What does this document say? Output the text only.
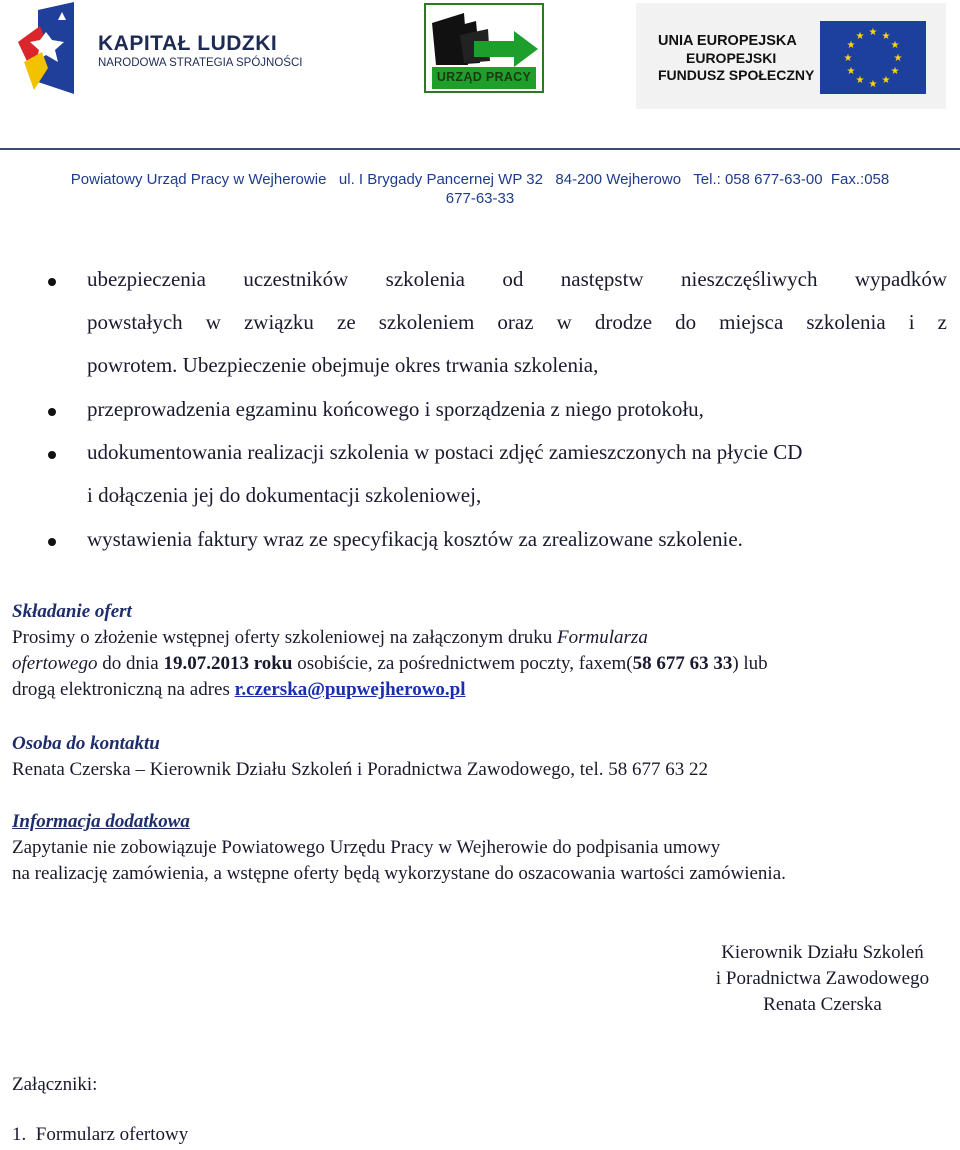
KAPITAŁ LUDZKI
NARODOWA STRATEGIA SPÓJNOŚCI
URZĄD PRACY
UNIA EUROPEJSKA
EUROPEJSKI
FUNDUSZ SPOŁECZNY
★ ★
★
★
★
★
★
★
★
★
★
★
Powiatowy Urząd Pracy w Wejherowie   ul. I Brygady Pancernej WP 32   84-200 Wejherowo   Tel.: 058 677-63-00  Fax.:058
677-63-33
ubezpieczenia uczestników szkolenia od następstw nieszczęśliwych wypadków
powstałych w związku ze szkoleniem oraz w drodze do miejsca szkolenia i z
powrotem. Ubezpieczenie obejmuje okres trwania szkolenia,
przeprowadzenia egzaminu końcowego i sporządzenia z niego protokołu,
udokumentowania realizacji szkolenia w postaci zdjęć zamieszczonych na płycie CD
i dołączenia jej do dokumentacji szkoleniowej,
wystawienia faktury wraz ze specyfikacją kosztów za zrealizowane szkolenie.
Składanie ofert
Prosimy o złożenie wstępnej oferty szkoleniowej na załączonym druku Formularza
ofertowego do dnia 19.07.2013 roku osobiście, za pośrednictwem poczty, faxem(58 677 63 33) lub
drogą elektroniczną na adres r.czerska@pupwejherowo.pl
Osoba do kontaktu
Renata Czerska – Kierownik Działu Szkoleń i Poradnictwa Zawodowego, tel. 58 677 63 22
Informacja dodatkowa
Zapytanie nie zobowiązuje Powiatowego Urzędu Pracy w Wejherowie do podpisania umowy
na realizację zamówienia, a wstępne oferty będą wykorzystane do oszacowania wartości zamówienia.
Kierownik Działu Szkoleń
i Poradnictwa Zawodowego
Renata Czerska
Załączniki:
1.  Formularz ofertowy
